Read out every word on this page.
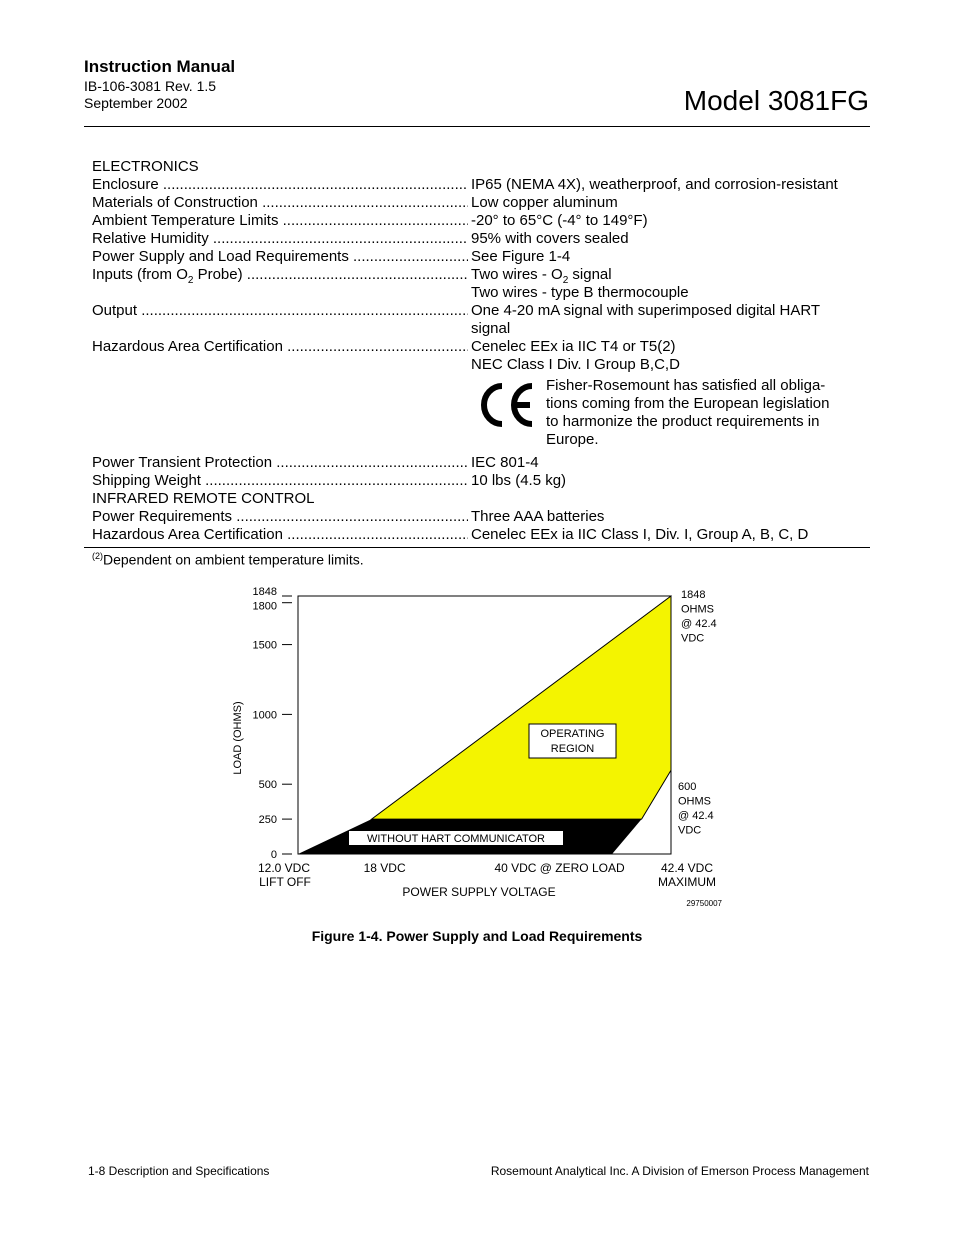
Instruction Manual
IB-106-3081 Rev. 1.5
September 2002	Model 3081FG
ELECTRONICS
Enclosure .....	IP65 (NEMA 4X), weatherproof, and corrosion-resistant
Materials of Construction .....	Low copper aluminum
Ambient Temperature Limits .....	-20° to 65°C (-4° to 149°F)
Relative Humidity .....	95% with covers sealed
Power Supply and Load Requirements .....	See Figure 1-4
Inputs (from $O_2$ Probe) .....	Two wires - $O_2$ signal
Two wires - type B thermocouple
Output .....	One 4-20 mA signal with superimposed digital HART
signal
Hazardous Area Certification .....	Cenelec EEx ia IIC T4 or T5(2)
NEC Class I Div. I Group B,C,D
Fisher-Rosemount has satisfied all obliga-
tions coming from the European legislation
to harmonize the product requirements in
Europe.
Power Transient Protection .....	IEC 801-4
Shipping Weight .....	10 lbs (4.5 kg)
INFRARED REMOTE CONTROL
Power Requirements .....	Three AAA batteries
Hazardous Area Certification .....	Cenelec EEx ia IIC Class I, Div. I, Group A, B, C, D
$^{(2)}$Dependent on ambient temperature limits.
0
250
500
1000
1500
1800
1848
LOAD (OHMS)
12.0 VDC
LIFT OFF
18 VDC	40 VDC @ ZERO LOAD	42.4 VDC
MAXIMUM
POWER SUPPLY VOLTAGE
1848
OHMS
@ 42.4
VDC
600
OHMS
@ 42.4
VDC
OPERATING
REGION
WITHOUT HART COMMUNICATOR
29750007
Figure 1-4. Power Supply and Load Requirements
1-8 Description and Specifications	Rosemount Analytical Inc. A Division of Emerson Process Management
